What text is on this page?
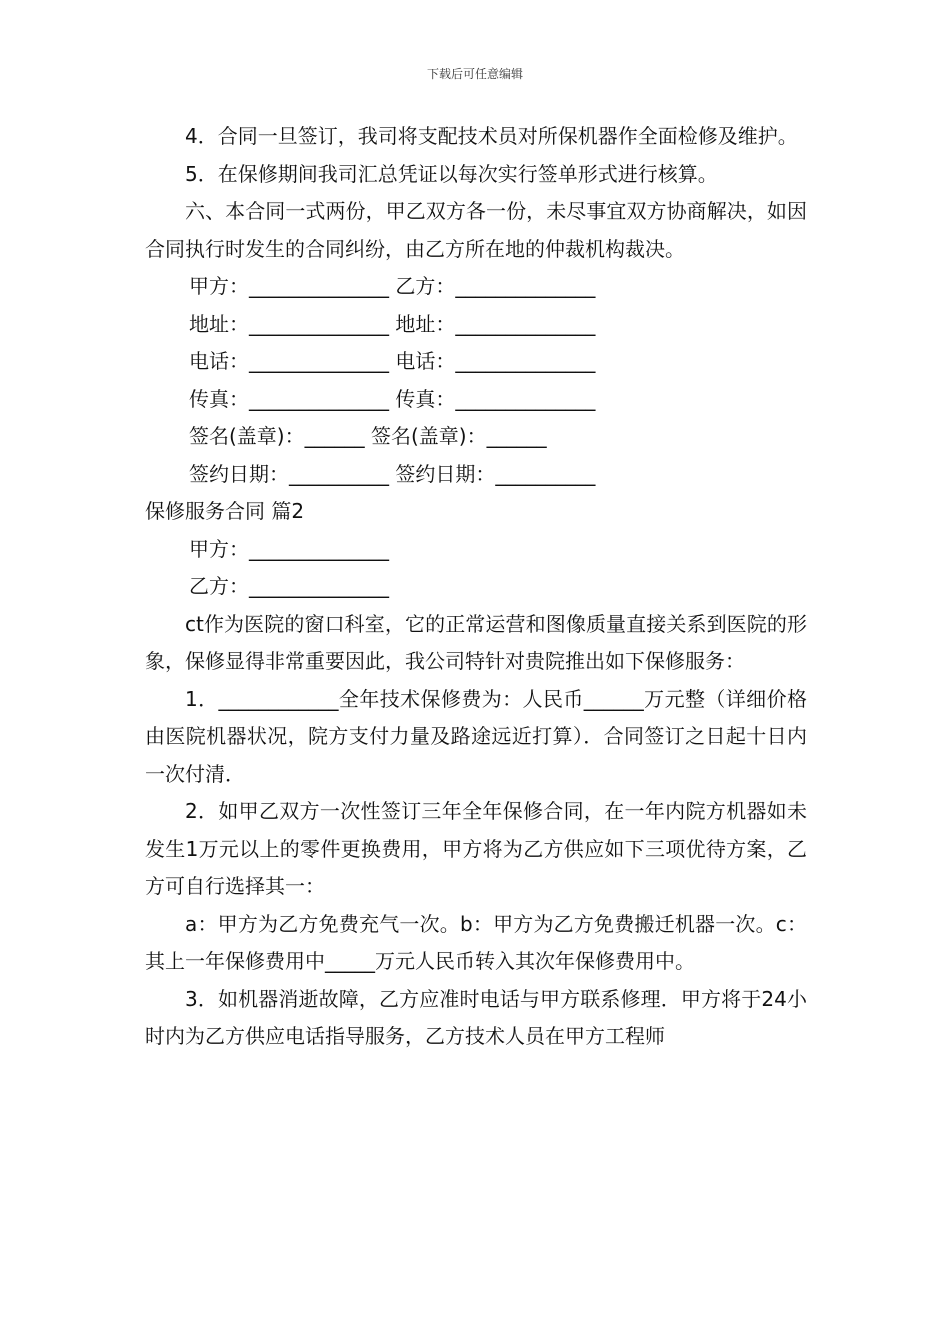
下载后可任意编辑

4．合同一旦签订，我司将支配技术员对所保机器作全面检修及维护。

5．在保修期间我司汇总凭证以每次实行签单形式进行核算。

六、本合同一式两份，甲乙双方各一份，未尽事宜双方协商解决，如因合同执行时发生的合同纠纷，由乙方所在地的仲裁机构裁决。

甲方：______________ 乙方：______________

地址：______________ 地址：______________

电话：______________ 电话：______________

传真：______________ 传真：______________

签名(盖章)：______ 签名(盖章)：______

签约日期：__________ 签约日期：__________

保修服务合同 篇2

甲方：______________

乙方：______________

ct作为医院的窗口科室，它的正常运营和图像质量直接关系到医院的形象，保修显得非常重要因此，我公司特针对贵院推出如下保修服务：

1．____________全年技术保修费为：人民币______万元整（详细价格由医院机器状况，院方支付力量及路途远近打算）．合同签订之日起十日内一次付清．

2．如甲乙双方一次性签订三年全年保修合同，在一年内院方机器如未发生1万元以上的零件更换费用，甲方将为乙方供应如下三项优待方案，乙方可自行选择其一：

a：甲方为乙方免费充气一次。b：甲方为乙方免费搬迁机器一次。c：其上一年保修费用中_____万元人民币转入其次年保修费用中。

3．如机器消逝故障，乙方应准时电话与甲方联系修理．甲方将于24小时内为乙方供应电话指导服务，乙方技术人员在甲方工程师
